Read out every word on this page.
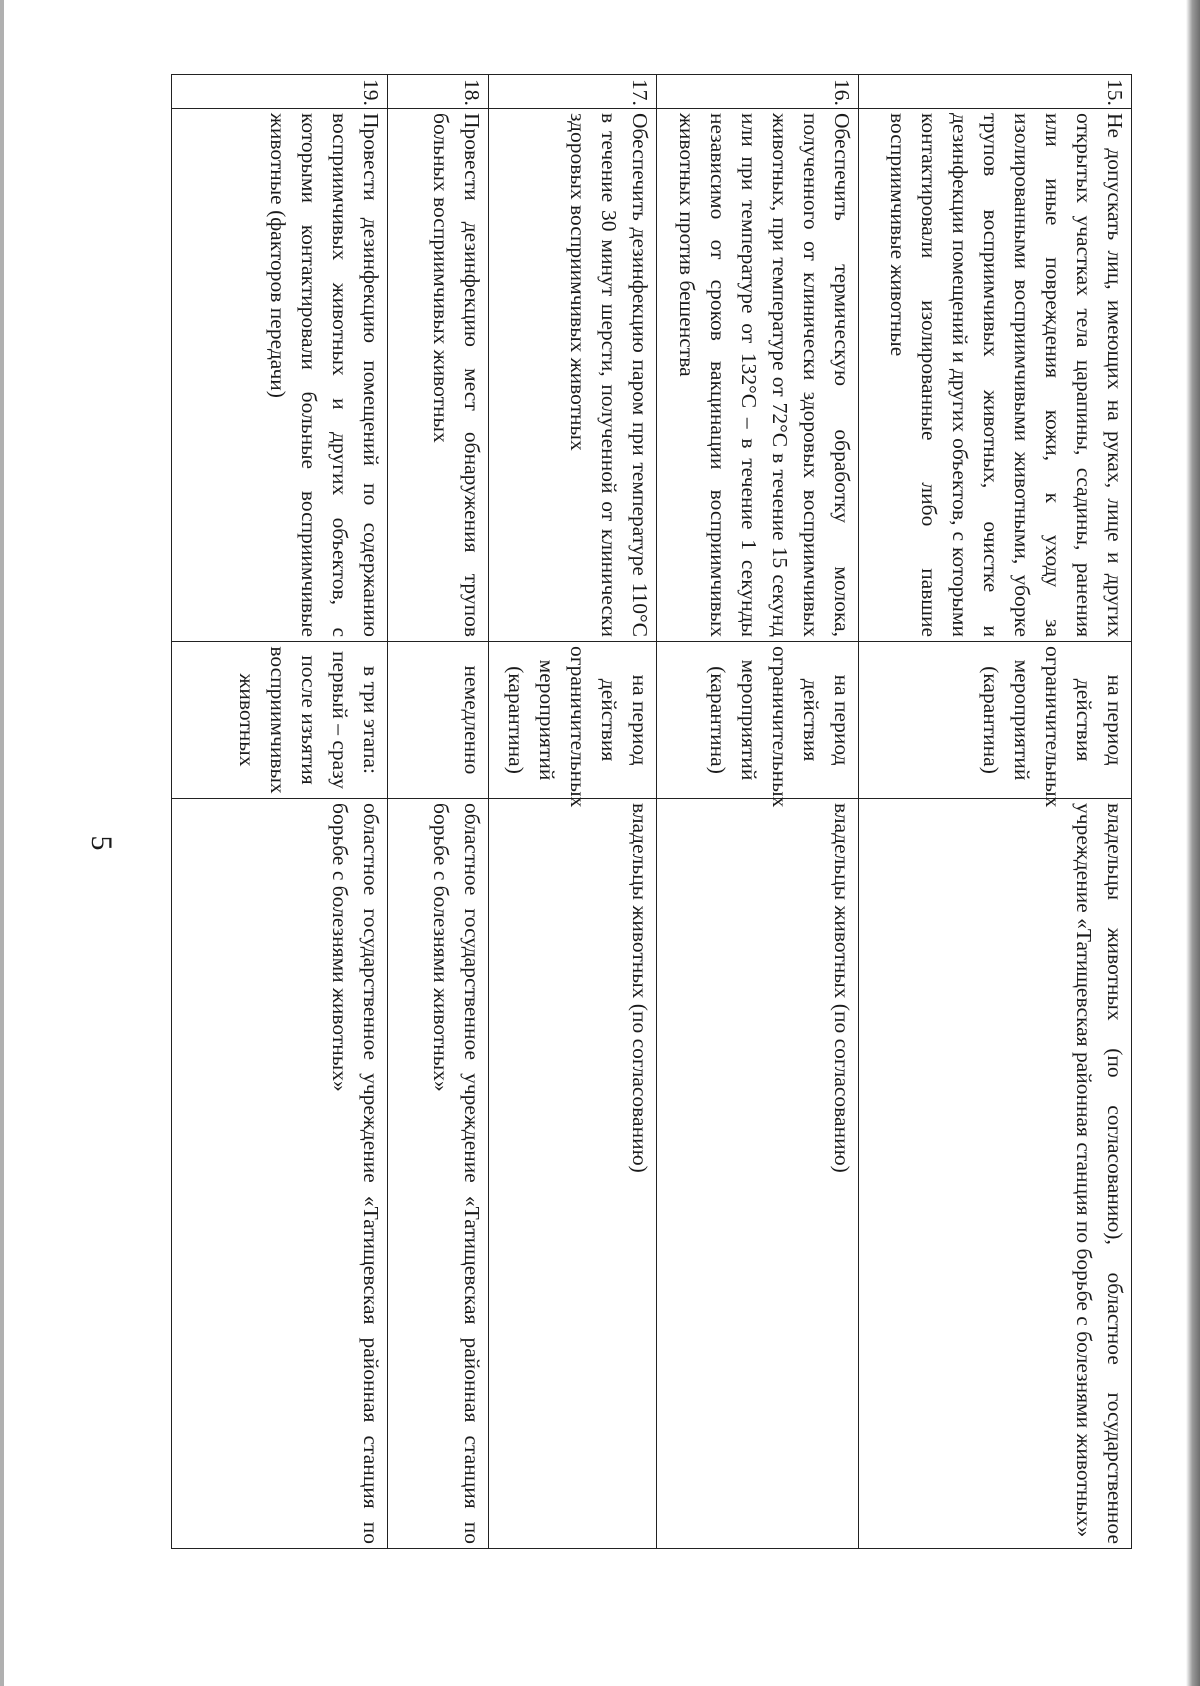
5
15.	Не допускать лиц, имеющих на руках, лице и других открытых участках тела царапины, ссадины, ранения или иные повреждения кожи, к уходу за изолированными восприимчивыми животными, уборке трупов восприимчивых животных, очистке и дезинфекции помещений и других объектов, с которыми контактировали изолированные либо павшие восприимчивые животные	на период действия ограничительных мероприятий (карантина)	владельцы животных (по согласованию), областное государственное учреждение «Татищевская районная станция по борьбе с болезнями животных»
16.	Обеспечить термическую обработку молока, полученного от клинически здоровых восприимчивых животных, при температуре от 72°С в течение 15 секунд или при температуре от 132°С – в течение 1 секунды независимо от сроков вакцинации восприимчивых животных против бешенства	на период действия ограничительных мероприятий (карантина)	владельцы животных (по согласованию)
17.	Обеспечить дезинфекцию паром при температуре 110°С в течение 30 минут шерсти, полученной от клинически здоровых восприимчивых животных	на период действия ограничительных мероприятий (карантина)	владельцы животных (по согласованию)
18.	Провести дезинфекцию мест обнаружения трупов больных восприимчивых животных	немедленно	областное государственное учреждение «Татищевская районная станция по борьбе с болезнями животных»
19.	Провести дезинфекцию помещений по содержанию восприимчивых животных и других объектов, с которыми контактировали больные восприимчивые животные (факторов передачи)	в три этапа: первый – сразу после изъятия восприимчивых животных	областное государственное учреждение «Татищевская районная станция по борьбе с болезнями животных»
